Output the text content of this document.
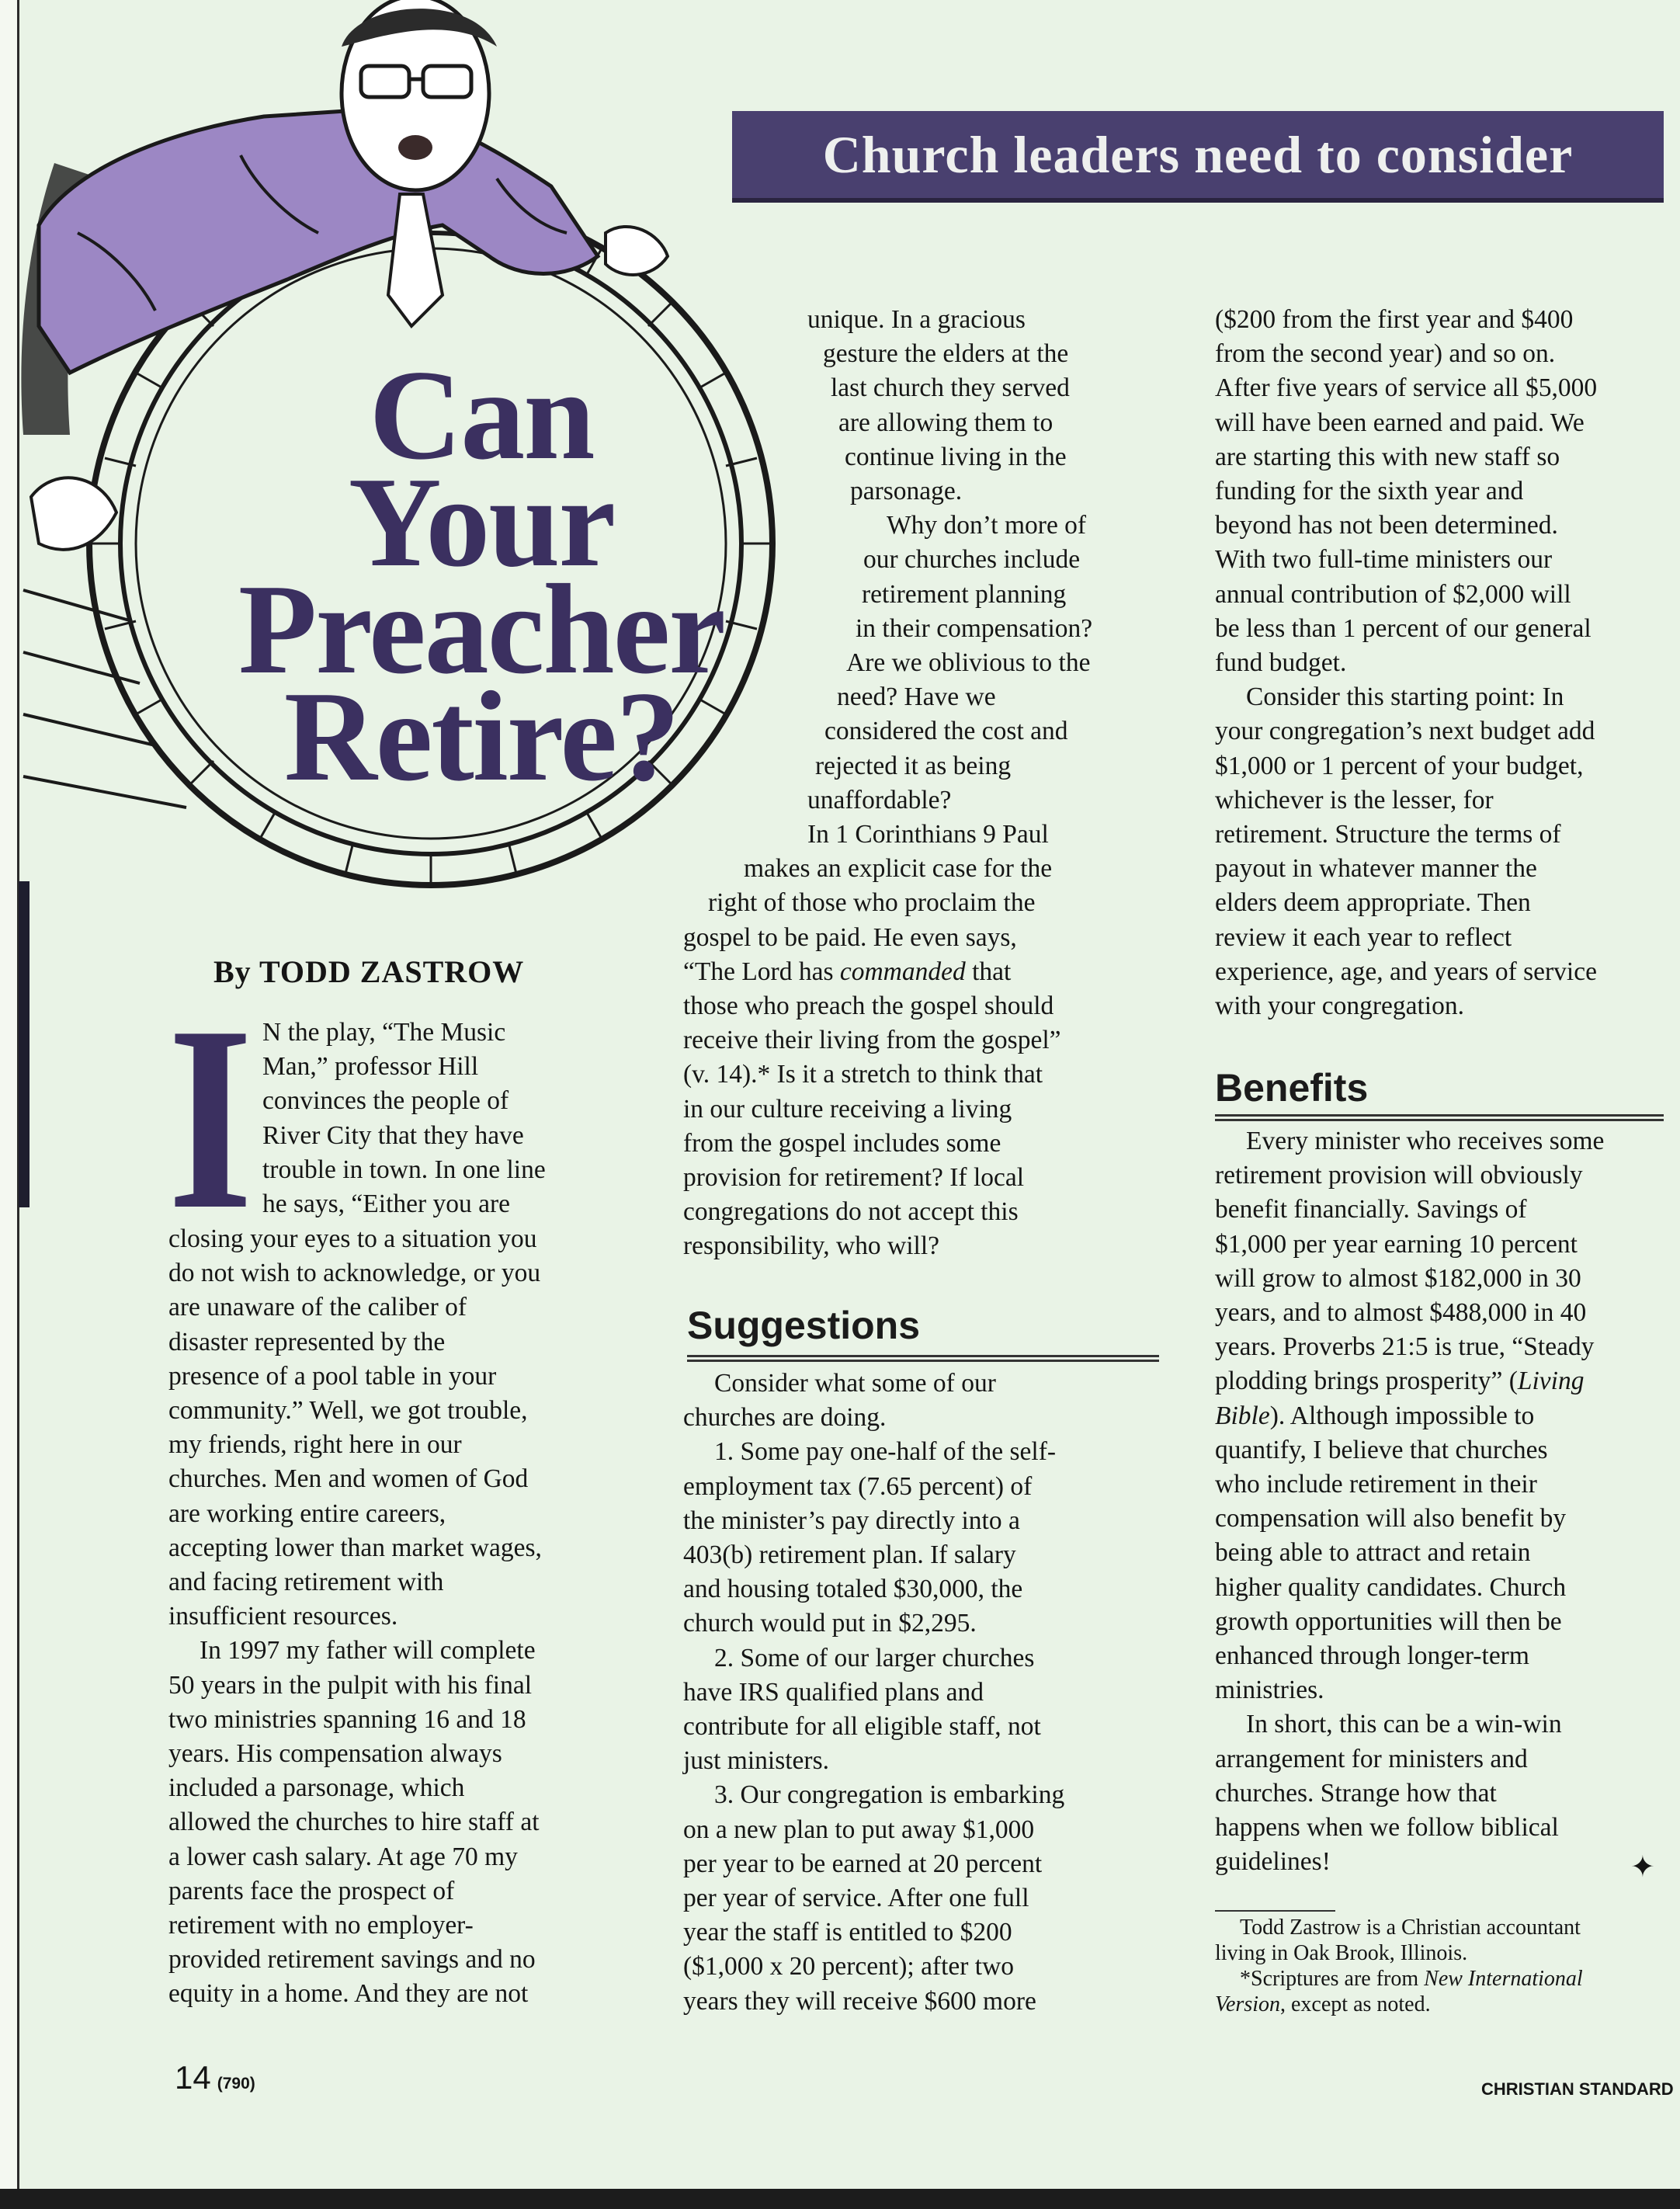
Church leaders need to consider
Can
Your
Preacher
Retire?
By TODD ZASTROW
I N the play, “The Music
Man,” professor Hill
convinces the people of
River City that they have
trouble in town. In one line
he says, “Either you are
closing your eyes to a situation you
do not wish to acknowledge, or you
are unaware of the caliber of
disaster represented by the
presence of a pool table in your
community.” Well, we got trouble,
my friends, right here in our
churches. Men and women of God
are working entire careers,
accepting lower than market wages,
and facing retirement with
insufficient resources.
In 1997 my father will complete
50 years in the pulpit with his final
two ministries spanning 16 and 18
years. His compensation always
included a parsonage, which
allowed the churches to hire staff at
a lower cash salary. At age 70 my
parents face the prospect of
retirement with no employer-
provided retirement savings and no
equity in a home. And they are not
unique. In a gracious
gesture the elders at the
last church they served
are allowing them to
continue living in the
parsonage.
Why don’t more of
our churches include
retirement planning
in their compensation?
Are we oblivious to the
need? Have we
considered the cost and
rejected it as being
unaffordable?
In 1 Corinthians 9 Paul
makes an explicit case for the
right of those who proclaim the
gospel to be paid. He even says,
“The Lord has commanded that
those who preach the gospel should
receive their living from the gospel”
(v. 14).* Is it a stretch to think that
in our culture receiving a living
from the gospel includes some
provision for retirement? If local
congregations do not accept this
responsibility, who will?
Suggestions
Consider what some of our
churches are doing.
1. Some pay one-half of the self-
employment tax (7.65 percent) of
the minister’s pay directly into a
403(b) retirement plan. If salary
and housing totaled $30,000, the
church would put in $2,295.
2. Some of our larger churches
have IRS qualified plans and
contribute for all eligible staff, not
just ministers.
3. Our congregation is embarking
on a new plan to put away $1,000
per year to be earned at 20 percent
per year of service. After one full
year the staff is entitled to $200
($1,000 x 20 percent); after two
years they will receive $600 more
($200 from the first year and $400
from the second year) and so on.
After five years of service all $5,000
will have been earned and paid. We
are starting this with new staff so
funding for the sixth year and
beyond has not been determined.
With two full-time ministers our
annual contribution of $2,000 will
be less than 1 percent of our general
fund budget.
Consider this starting point: In
your congregation’s next budget add
$1,000 or 1 percent of your budget,
whichever is the lesser, for
retirement. Structure the terms of
payout in whatever manner the
elders deem appropriate. Then
review it each year to reflect
experience, age, and years of service
with your congregation.
Benefits
Every minister who receives some
retirement provision will obviously
benefit financially. Savings of
$1,000 per year earning 10 percent
will grow to almost $182,000 in 30
years, and to almost $488,000 in 40
years. Proverbs 21:5 is true, “Steady
plodding brings prosperity” (Living
Bible). Although impossible to
quantify, I believe that churches
who include retirement in their
compensation will also benefit by
being able to attract and retain
higher quality candidates. Church
growth opportunities will then be
enhanced through longer-term
ministries.
In short, this can be a win-win
arrangement for ministers and
churches. Strange how that
happens when we follow biblical
guidelines!	✦
Todd Zastrow is a Christian accountant
living in Oak Brook, Illinois.
*Scriptures are from New International
Version, except as noted.
14 (790)	CHRISTIAN STANDARD
